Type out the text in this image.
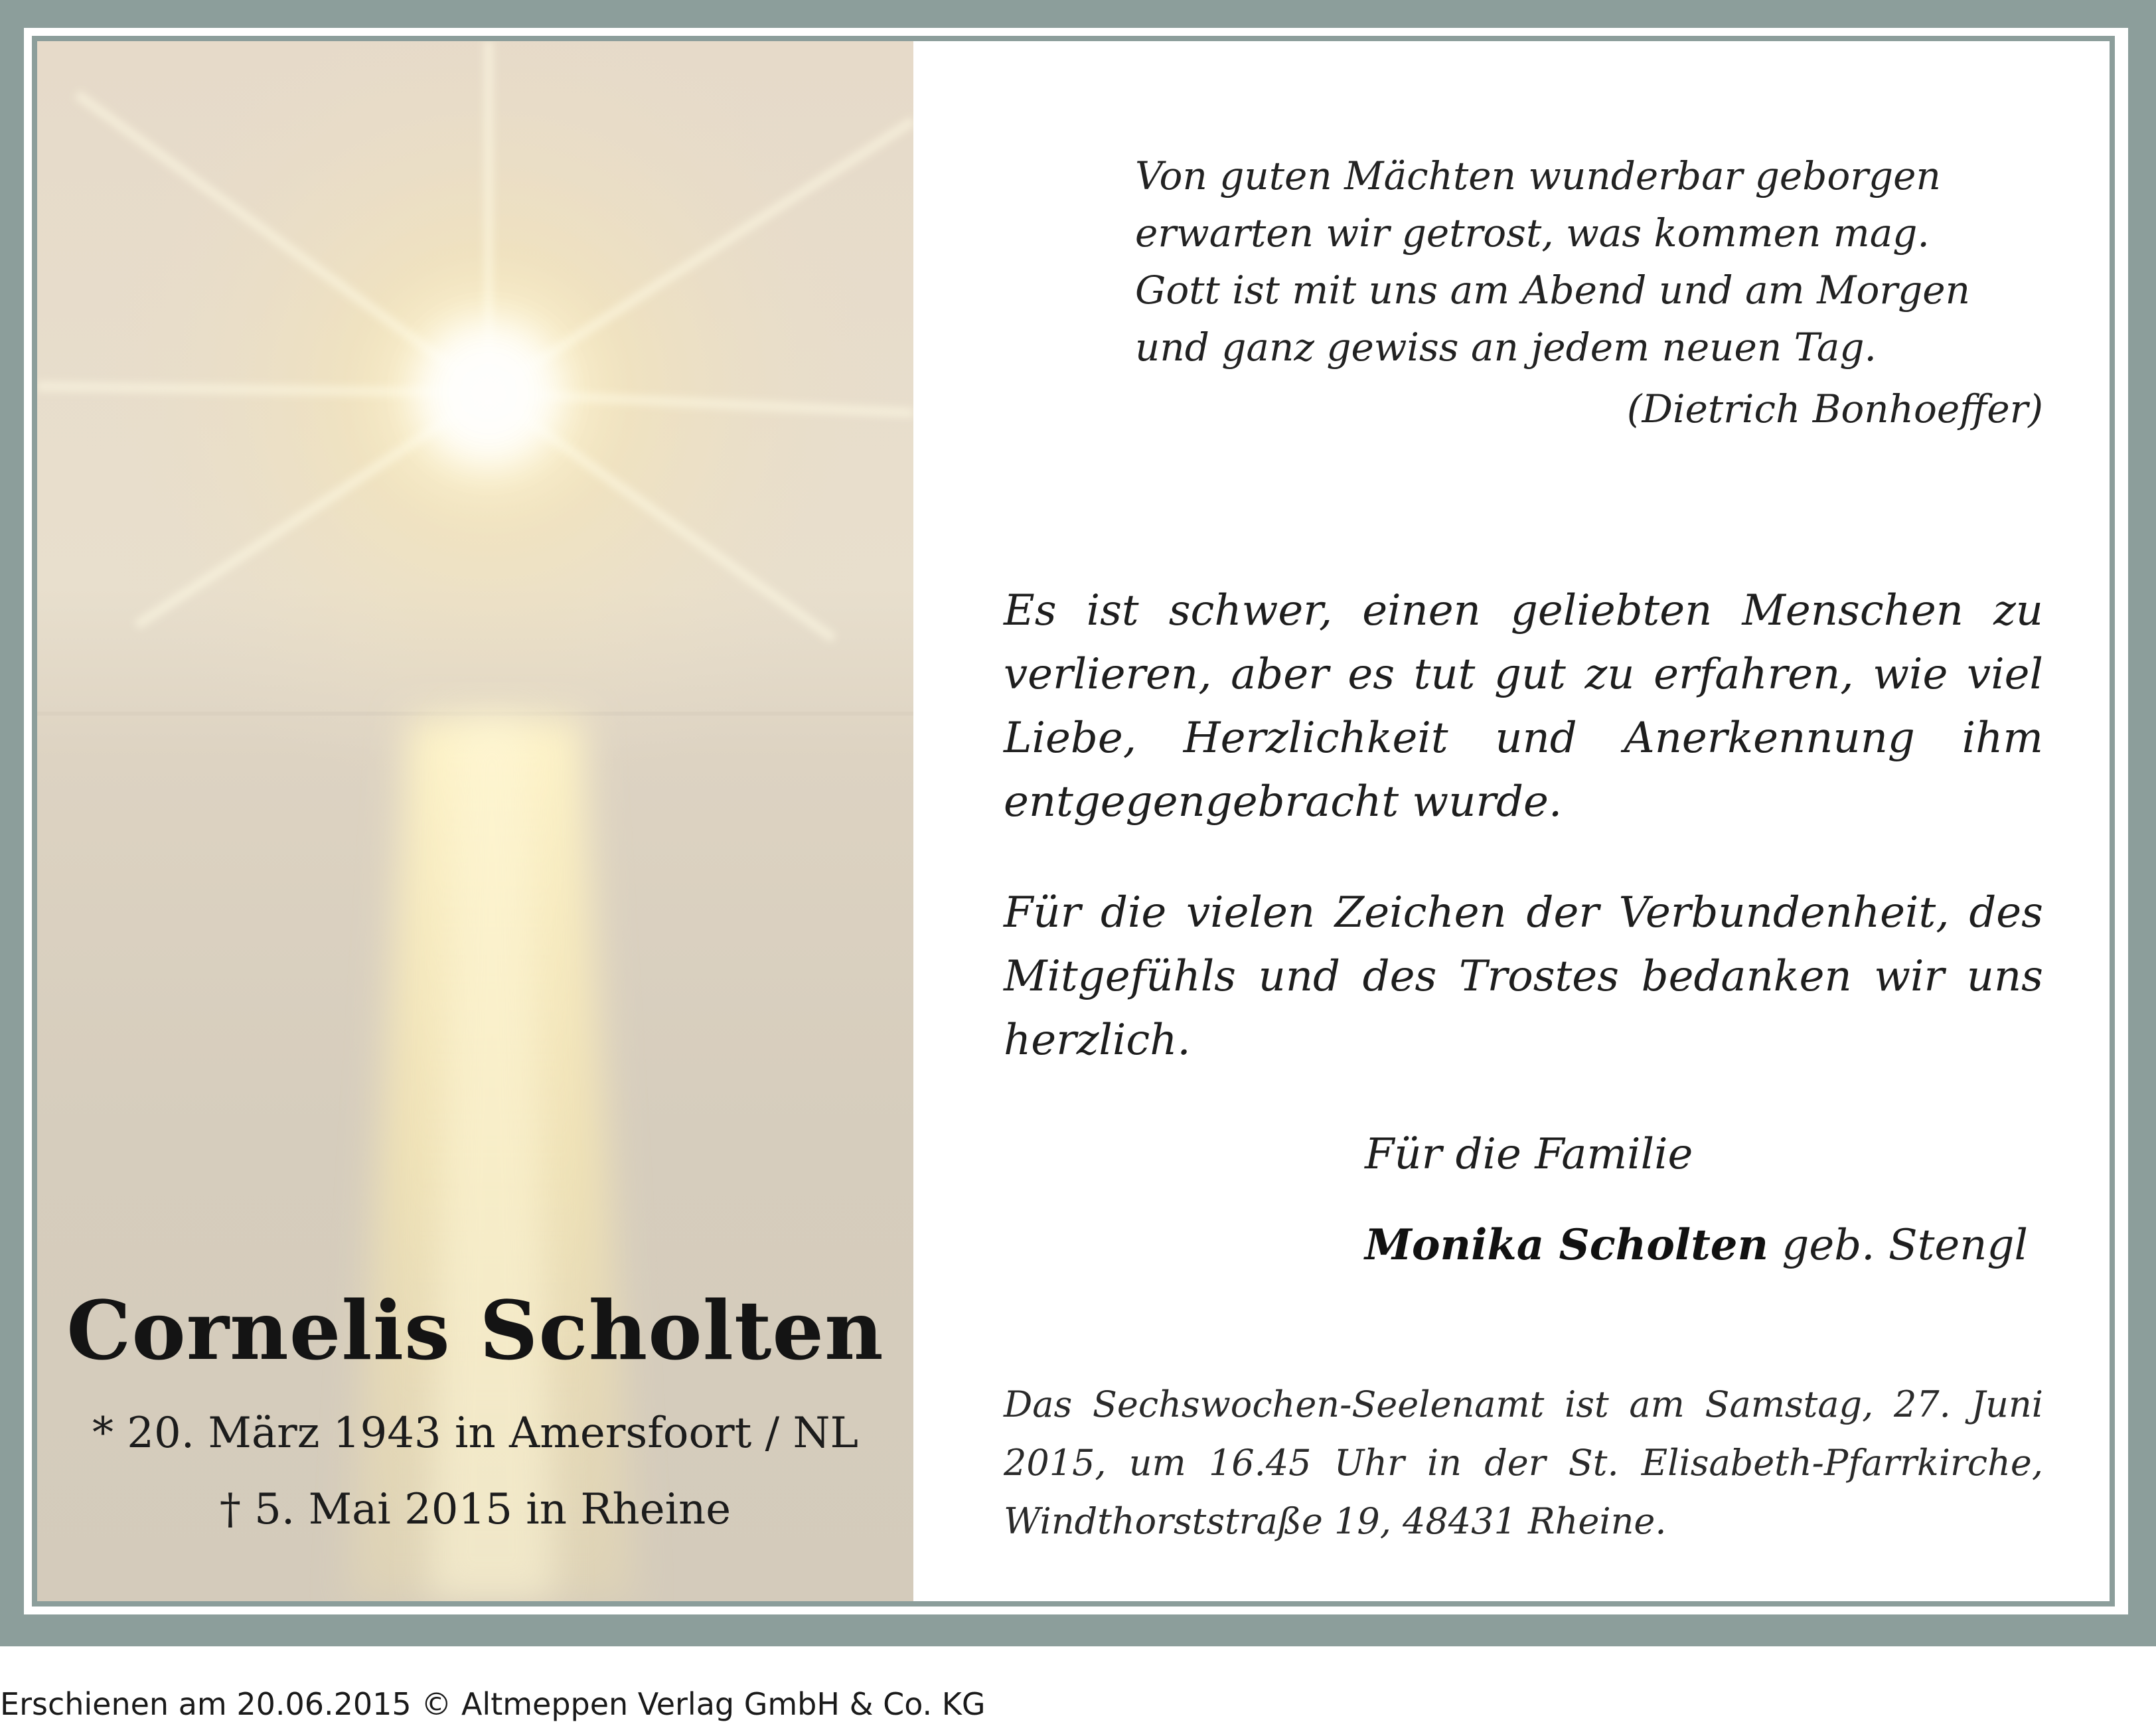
Cornelis Scholten
* 20. März 1943 in Amersfoort / NL
† 5. Mai 2015 in Rheine
Von guten Mächten wunderbar geborgen
erwarten wir getrost, was kommen mag.
Gott ist mit uns am Abend und am Morgen
und ganz gewiss an jedem neuen Tag.
(Dietrich Bonhoeffer)
Es ist schwer, einen geliebten Menschen zu verlieren, aber es tut gut zu erfahren, wie viel Liebe, Herzlichkeit und Anerkennung ihm entgegengebracht wurde.
Für die vielen Zeichen der Verbundenheit, des Mitgefühls und des Trostes bedanken wir uns herzlich.
Für die Familie
Monika Scholten geb. Stengl
Das Sechswochen-Seelenamt ist am Samstag, 27. Juni 2015, um 16.45 Uhr in der St. Elisabeth-Pfarrkirche, Windthorststraße 19, 48431 Rheine.
Erschienen am 20.06.2015 © Altmeppen Verlag GmbH & Co. KG
